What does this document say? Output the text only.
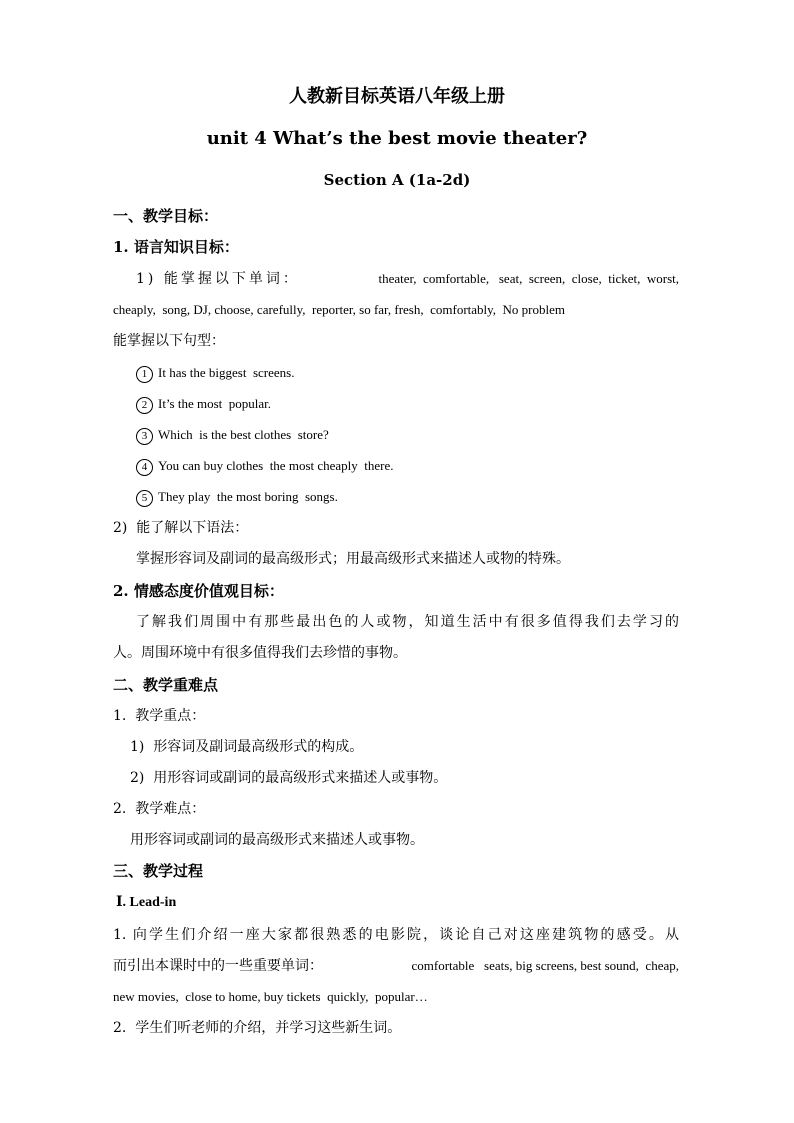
人教新目标英语八年级上册
unit 4 What’s the best movie theater?
Section A (1a-2d)
一、教学目标：
1. 语言知识目标：
1) 能掌握以下单词：	theater,  comfortable,   seat,  screen,  close,  ticket,  worst,
cheaply,  song, DJ, choose, carefully,  reporter, so far, fresh,  comfortably,  No problem
能掌握以下句型：
1 It has the biggest  screens.
2 It’s the most  popular.
3 Which  is the best clothes  store?
4 You can buy clothes  the most cheaply  there.
5 They play  the most boring  songs.
2)  能了解以下语法：
掌握形容词及副词的最高级形式；用最高级形式来描述人或物的特殊。
2. 情感态度价值观目标：
了解我们周围中有那些最出色的人或物，知道生活中有很多值得我们去学习的
人。周围环境中有很多值得我们去珍惜的事物。
二、教学重难点
1.  教学重点：
1)  形容词及副词最高级形式的构成。
2)  用形容词或副词的最高级形式来描述人或事物。
2.  教学难点：
用形容词或副词的最高级形式来描述人或事物。
三、教学过程
Ⅰ. Lead-in
1. 向学生们介绍一座大家都很熟悉的电影院，谈论自己对这座建筑物的感受。从
而引出本课时中的一些重要单词：	comfortable   seats, big screens, best sound,  cheap,
new movies,  close to home, buy tickets  quickly,  popular…
2.  学生们听老师的介绍，并学习这些新生词。
